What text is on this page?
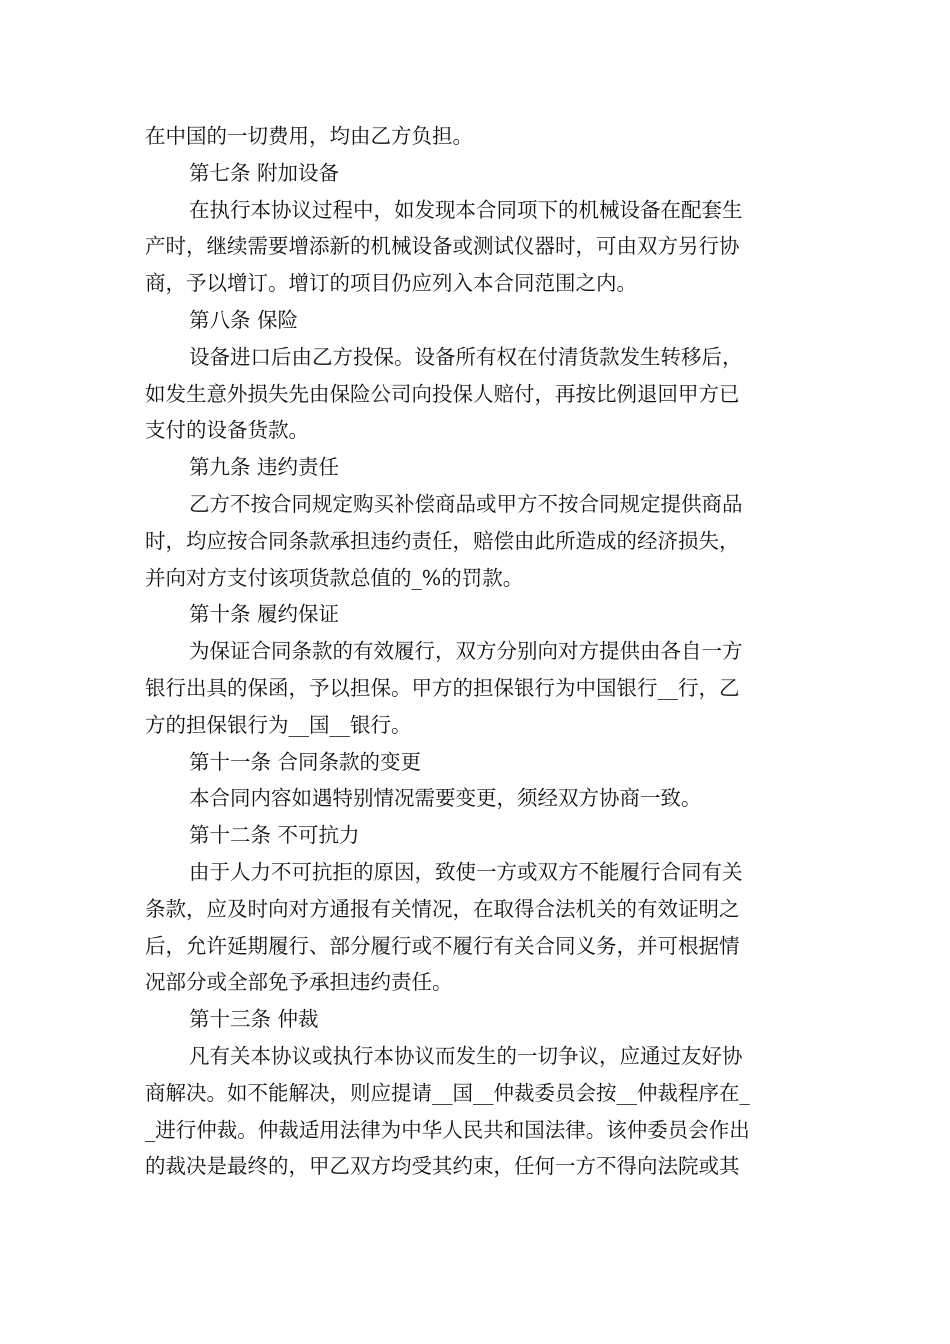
在中国的一切费用，均由乙方负担。
第七条 附加设备
在执行本协议过程中，如发现本合同项下的机械设备在配套生
产时，继续需要增添新的机械设备或测试仪器时，可由双方另行协
商，予以增订。增订的项目仍应列入本合同范围之内。
第八条 保险
设备进口后由乙方投保。设备所有权在付清货款发生转移后，
如发生意外损失先由保险公司向投保人赔付，再按比例退回甲方已
支付的设备货款。
第九条 违约责任
乙方不按合同规定购买补偿商品或甲方不按合同规定提供商品
时，均应按合同条款承担违约责任，赔偿由此所造成的经济损失，
并向对方支付该项货款总值的_%的罚款。
第十条 履约保证
为保证合同条款的有效履行，双方分别向对方提供由各自一方
银行出具的保函，予以担保。甲方的担保银行为中国银行__行，乙
方的担保银行为__国__银行。
第十一条 合同条款的变更
本合同内容如遇特别情况需要变更，须经双方协商一致。
第十二条 不可抗力
由于人力不可抗拒的原因，致使一方或双方不能履行合同有关
条款，应及时向对方通报有关情况，在取得合法机关的有效证明之
后，允许延期履行、部分履行或不履行有关合同义务，并可根据情
况部分或全部免予承担违约责任。
第十三条 仲裁
凡有关本协议或执行本协议而发生的一切争议，应通过友好协
商解决。如不能解决，则应提请__国__仲裁委员会按__仲裁程序在_
_进行仲裁。仲裁适用法律为中华人民共和国法律。该仲委员会作出
的裁决是最终的，甲乙双方均受其约束，任何一方不得向法院或其
